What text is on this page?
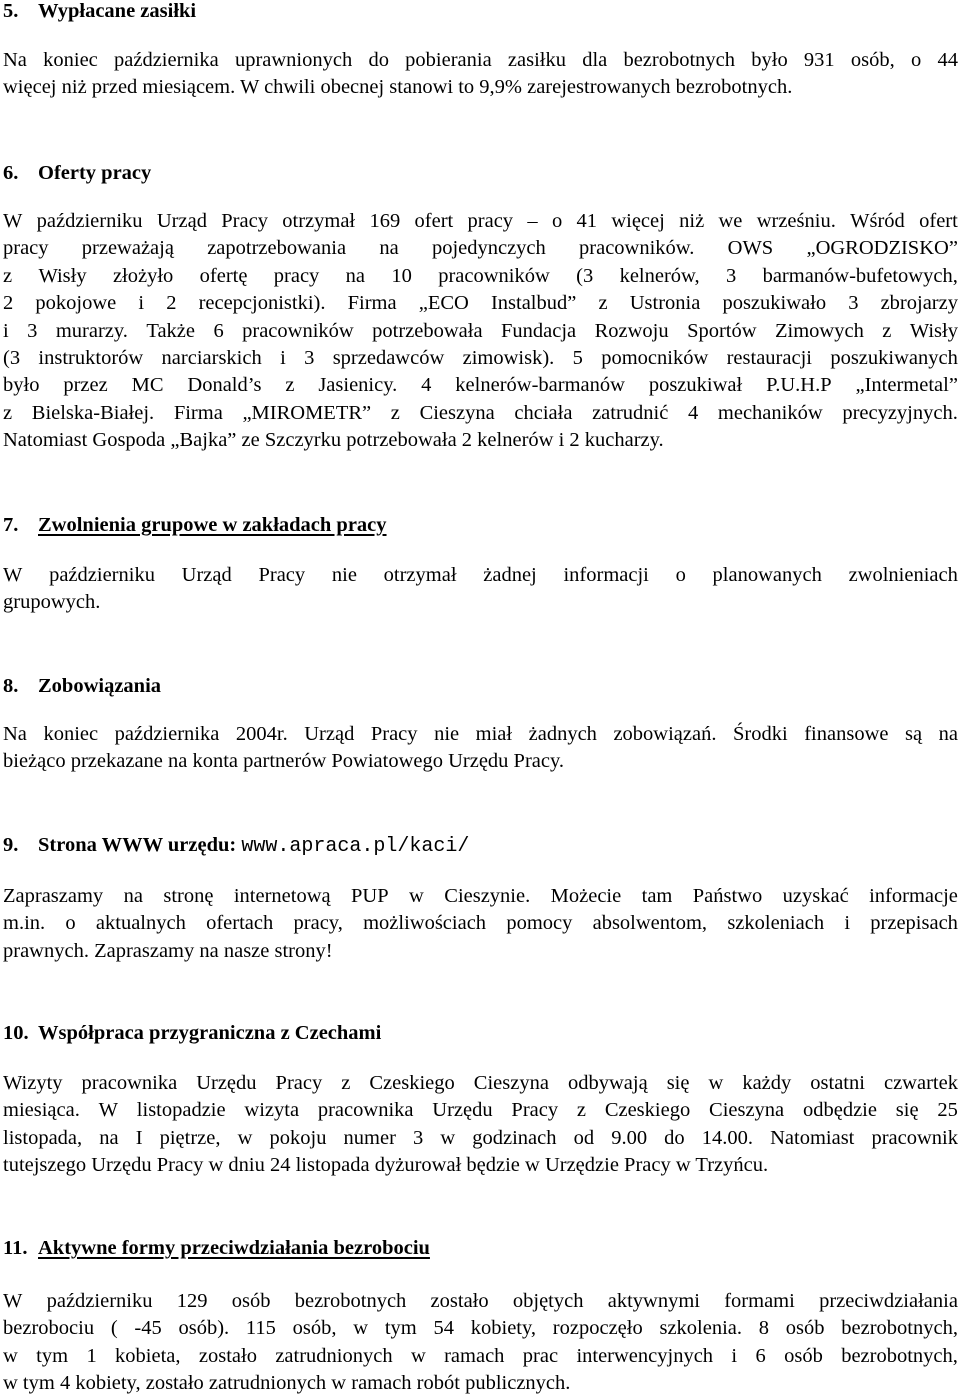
5. Wypłacane zasiłki
Na koniec października uprawnionych do pobierania zasiłku dla bezrobotnych było 931 osób, o 44
więcej niż przed miesiącem. W chwili obecnej stanowi to 9,9% zarejestrowanych bezrobotnych.
6. Oferty pracy
W październiku Urząd Pracy otrzymał 169 ofert pracy – o 41 więcej niż we wrześniu. Wśród ofert
pracy przeważają zapotrzebowania na pojedynczych pracowników. OWS „OGRODZISKO”
z Wisły złożyło ofertę pracy na 10 pracowników (3 kelnerów, 3 barmanów-bufetowych,
2 pokojowe i 2 recepcjonistki). Firma „ECO Instalbud” z Ustronia poszukiwało 3 zbrojarzy
i 3 murarzy. Także 6 pracowników potrzebowała Fundacja Rozwoju Sportów Zimowych z Wisły
(3 instruktorów narciarskich i 3 sprzedawców zimowisk). 5 pomocników restauracji poszukiwanych
było przez MC Donald’s z Jasienicy. 4 kelnerów-barmanów poszukiwał P.U.H.P „Intermetal”
z Bielska-Białej. Firma „MIROMETR” z Cieszyna chciała zatrudnić 4 mechaników precyzyjnych.
Natomiast Gospoda „Bajka” ze Szczyrku potrzebowała 2 kelnerów i 2 kucharzy.
7. Zwolnienia grupowe w zakładach pracy
W październiku Urząd Pracy nie otrzymał żadnej informacji o planowanych zwolnieniach
grupowych.
8. Zobowiązania
Na koniec października 2004r. Urząd Pracy nie miał żadnych zobowiązań. Środki finansowe są na
bieżąco przekazane na konta partnerów Powiatowego Urzędu Pracy.
9. Strona WWW urzędu: www.apraca.pl/kaci/
Zapraszamy na stronę internetową PUP w Cieszynie. Możecie tam Państwo uzyskać informacje
m.in. o aktualnych ofertach pracy, możliwościach pomocy absolwentom, szkoleniach i przepisach
prawnych. Zapraszamy na nasze strony!
10. Współpraca przygraniczna z Czechami
Wizyty pracownika Urzędu Pracy z Czeskiego Cieszyna odbywają się w każdy ostatni czwartek
miesiąca. W listopadzie wizyta pracownika Urzędu Pracy z Czeskiego Cieszyna odbędzie się 25
listopada, na I piętrze, w pokoju numer 3 w godzinach od 9.00 do 14.00. Natomiast pracownik
tutejszego Urzędu Pracy w dniu 24 listopada dyżurował będzie w Urzędzie Pracy w Trzyńcu.
11. Aktywne formy przeciwdziałania bezrobociu
W październiku 129 osób bezrobotnych zostało objętych aktywnymi formami przeciwdziałania
bezrobociu ( -45 osób). 115 osób, w tym 54 kobiety, rozpoczęło szkolenia. 8 osób bezrobotnych,
w tym 1 kobieta, zostało zatrudnionych w ramach prac interwencyjnych i 6 osób bezrobotnych,
w tym 4 kobiety, zostało zatrudnionych w ramach robót publicznych.
